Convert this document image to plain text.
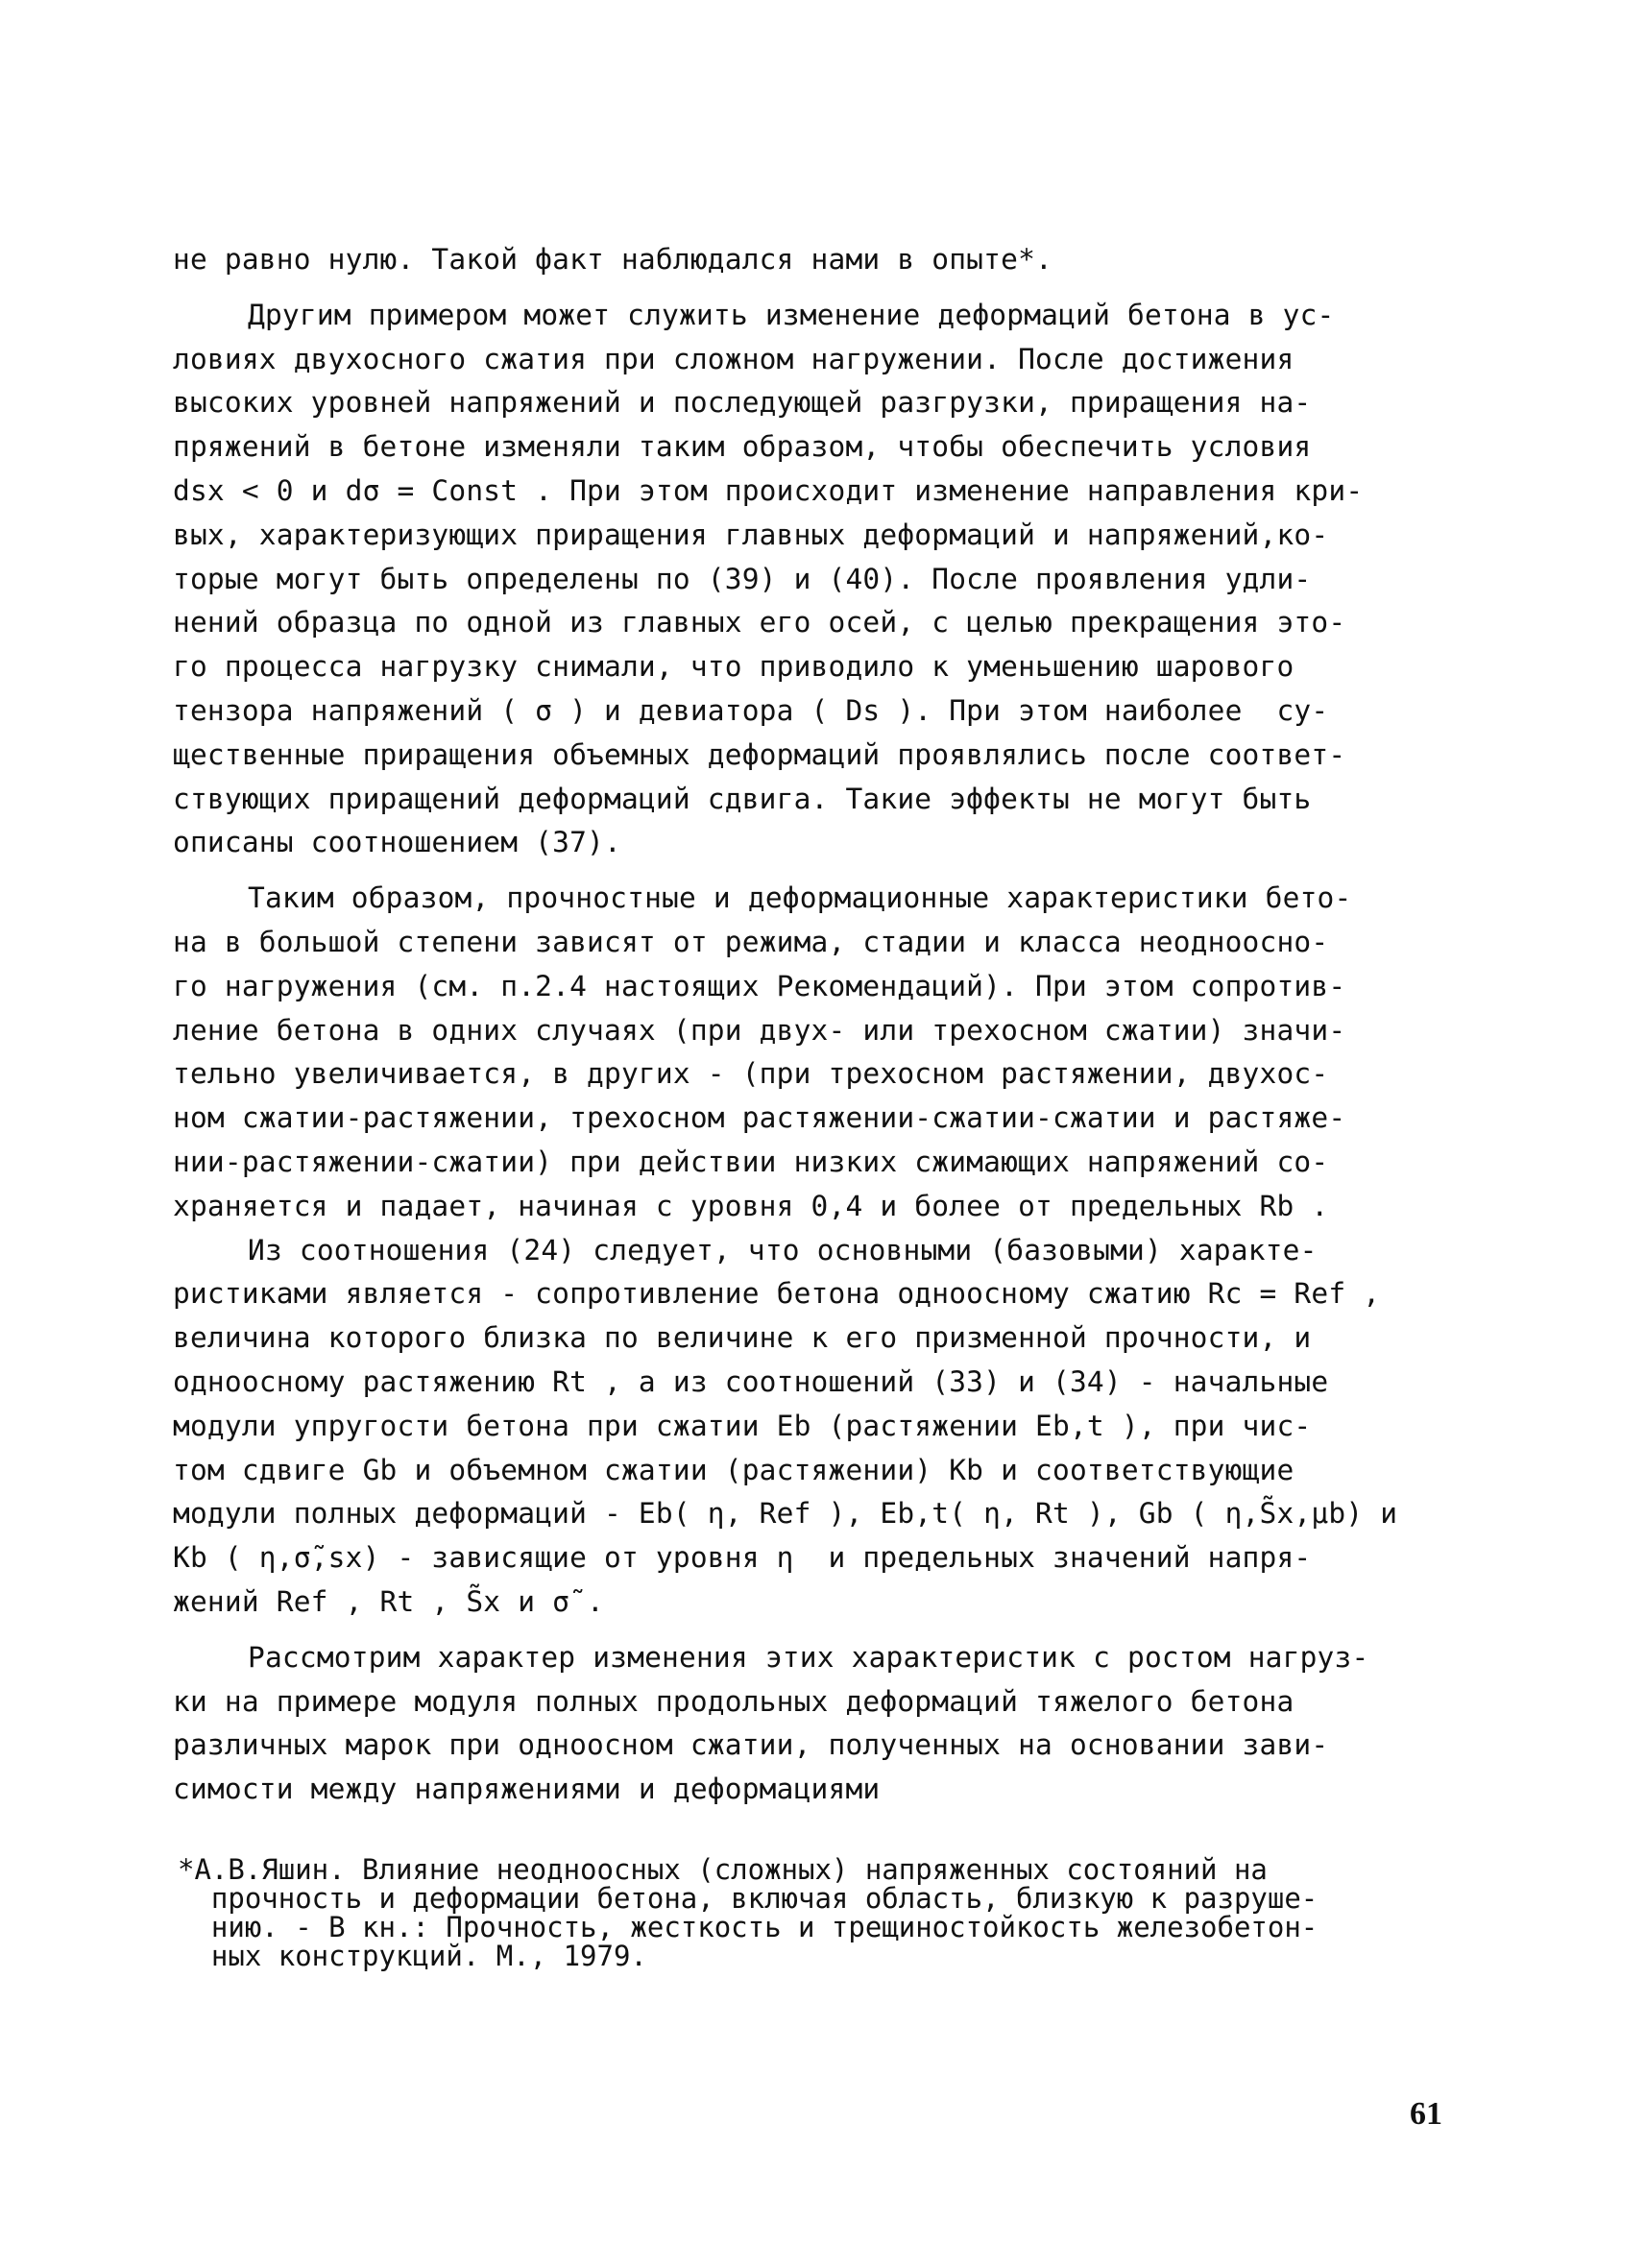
не равно нулю. Такой факт наблюдался нами в опыте*.

Другим примером может служить изменение деформаций бетона в ус-
ловиях двухосного сжатия при сложном нагружении. После достижения
высоких уровней напряжений и последующей разгрузки, приращения на-
пряжений в бетоне изменяли таким образом, чтобы обеспечить условия
dsx < 0 и dσ = Const . При этом происходит изменение направления кри-
вых, характеризующих приращения главных деформаций и напряжений,ко-
торые могут быть определены по (39) и (40). После проявления удли-
нений образца по одной из главных его осей, с целью прекращения это-
го процесса нагрузку снимали, что приводило к уменьшению шарового
тензора напряжений ( σ ) и девиатора ( Ds ). При этом наиболее  су-
щественные приращения объемных деформаций проявлялись после соответ-
ствующих приращений деформаций сдвига. Такие эффекты не могут быть
описаны соотношением (37).

Таким образом, прочностные и деформационные характеристики бето-
на в большой степени зависят от режима, стадии и класса неодноосно-
го нагружения (см. п.2.4 настоящих Рекомендаций). При этом сопротив-
ление бетона в одних случаях (при двух- или трехосном сжатии) значи-
тельно увеличивается, в других - (при трехосном растяжении, двухос-
ном сжатии-растяжении, трехосном растяжении-сжатии-сжатии и растяже-
нии-растяжении-сжатии) при действии низких сжимающих напряжений со-
храняется и падает, начиная с уровня 0,4 и более от предельных Rb .

Из соотношения (24) следует, что основными (базовыми) характе-
ристиками является - сопротивление бетона одноосному сжатию Rc = Ref ,
величина которого близка по величине к его призменной прочности, и
одноосному растяжению Rt , а из соотношений (33) и (34) - начальные
модули упругости бетона при сжатии Eb (растяжении Eb,t ), при чис-
том сдвиге Gb и объемном сжатии (растяжении) Kb и соответствующие
модули полных деформаций - Eb( η, Ref ), Eb,t( η, Rt ), Gb ( η,S̃x,μb) и
Kb ( η,σ̃,sx) - зависящие от уровня η  и предельных значений напря-
жений Ref , Rt , S̃x и σ̃ .

Рассмотрим характер изменения этих характеристик с ростом нагруз-
ки на примере модуля полных продольных деформаций тяжелого бетона
различных марок при одноосном сжатии, полученных на основании зави-
симости между напряжениями и деформациями

*А.В.Яшин. Влияние неодноосных (сложных) напряженных состояний на
прочность и деформации бетона, включая область, близкую к разруше-
нию. - В кн.: Прочность, жесткость и трещиностойкость железобетон-
ных конструкций. М., 1979.
61
